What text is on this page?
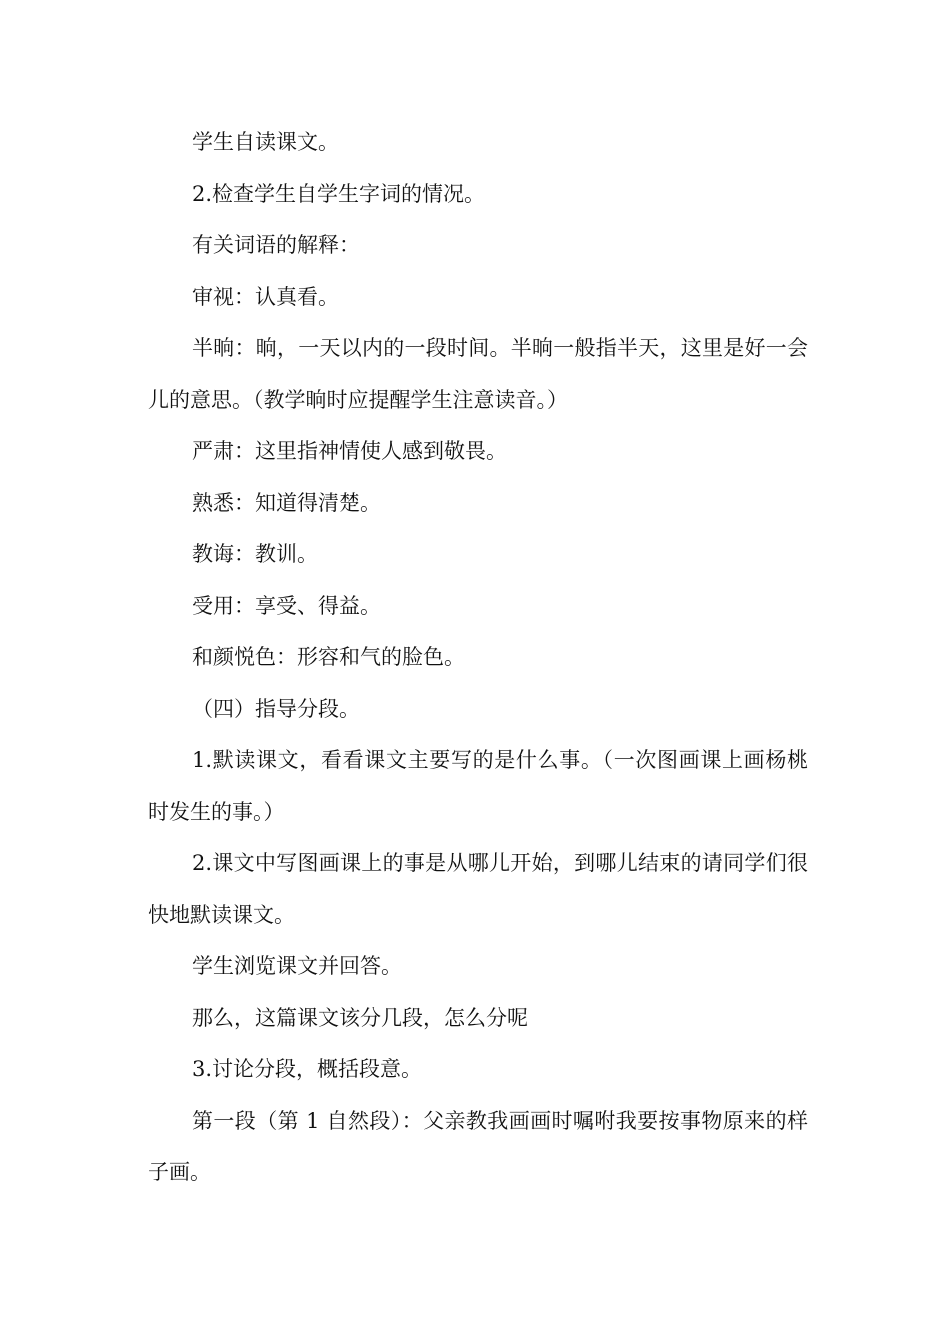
学生自读课文。

2.检查学生自学生字词的情况。

有关词语的解释：

审视：认真看。

半晌：晌，一天以内的一段时间。半晌一般指半天，这里是好一会儿的意思。（教学晌时应提醒学生注意读音。）

严肃：这里指神情使人感到敬畏。

熟悉：知道得清楚。

教诲：教训。

受用：享受、得益。

和颜悦色：形容和气的脸色。

（四）指导分段。

1.默读课文，看看课文主要写的是什么事。（一次图画课上画杨桃时发生的事。）

2.课文中写图画课上的事是从哪儿开始，到哪儿结束的请同学们很快地默读课文。

学生浏览课文并回答。

那么，这篇课文该分几段，怎么分呢

3.讨论分段，概括段意。

第一段（第 1 自然段）：父亲教我画画时嘱咐我要按事物原来的样子画。
